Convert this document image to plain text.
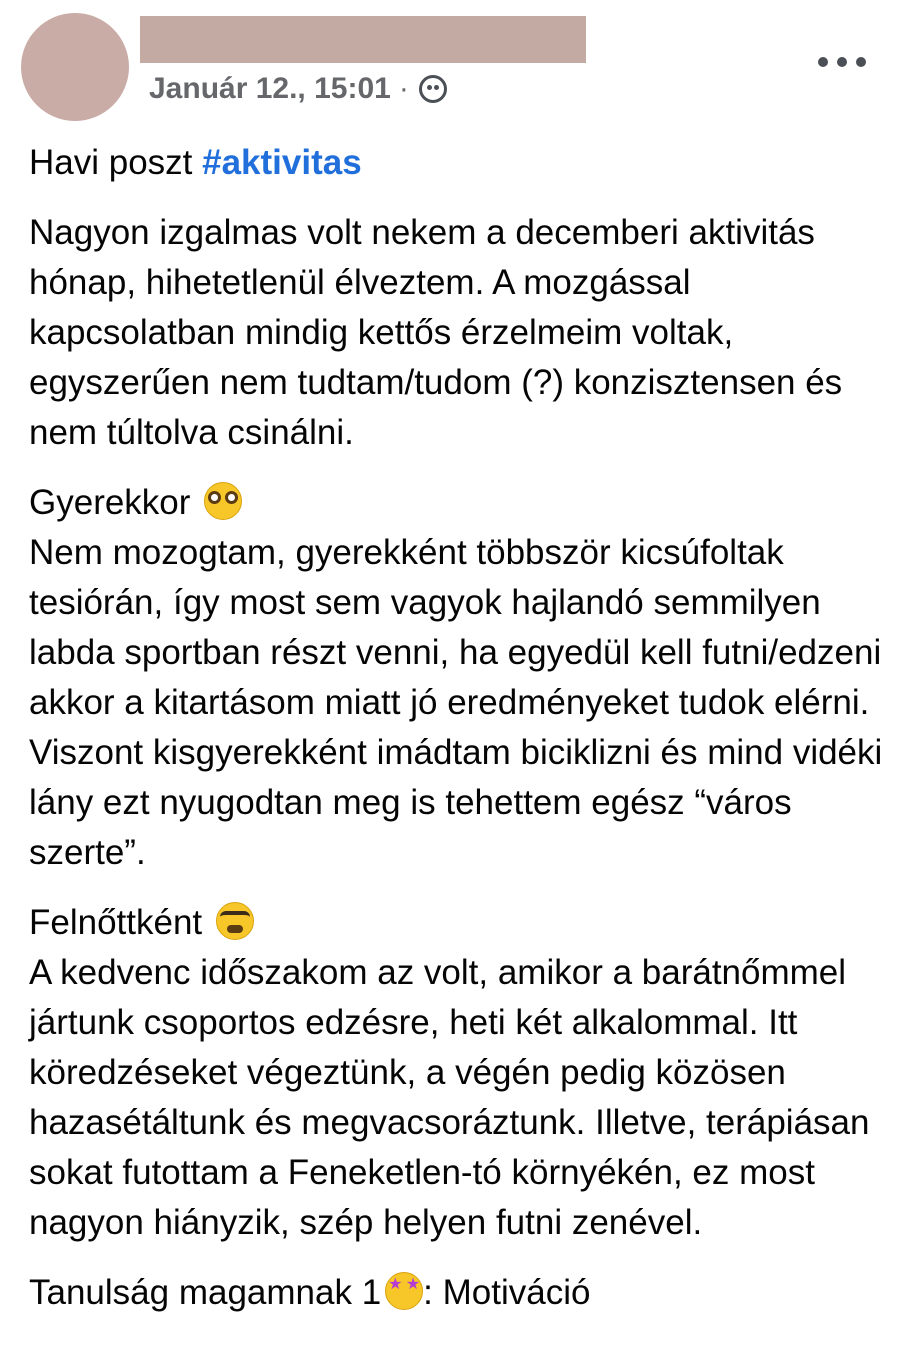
Január 12., 15:01 ·

Havi poszt #aktivitas

Nagyon izgalmas volt nekem a decemberi aktivitás hónap, hihetetlenül élveztem. A mozgással kapcsolatban mindig kettős érzelmeim voltak, egyszerűen nem tudtam/tudom (?) konzisztensen és nem túltolva csinálni.

Gyerekkor
Nem mozogtam, gyerekként többször kicsúfoltak tesiórán, így most sem vagyok hajlandó semmilyen labda sportban részt venni, ha egyedül kell futni/edzeni akkor a kitartásom miatt jó eredményeket tudok elérni. Viszont kisgyerekként imádtam biciklizni és mind vidéki lány ezt nyugodtan meg is tehettem egész “város szerte”.

Felnőttként
A kedvenc időszakom az volt, amikor a barátnőmmel jártunk csoportos edzésre, heti két alkalommal. Itt köredzéseket végeztünk, a végén pedig közösen hazasétáltunk és megvacsoráztunk. Illetve, terápiásan sokat futottam a Feneketlen-tó környékén, ez most nagyon hiányzik, szép helyen futni zenével.

Tanulság magamnak 1★ ★ : Motiváció
